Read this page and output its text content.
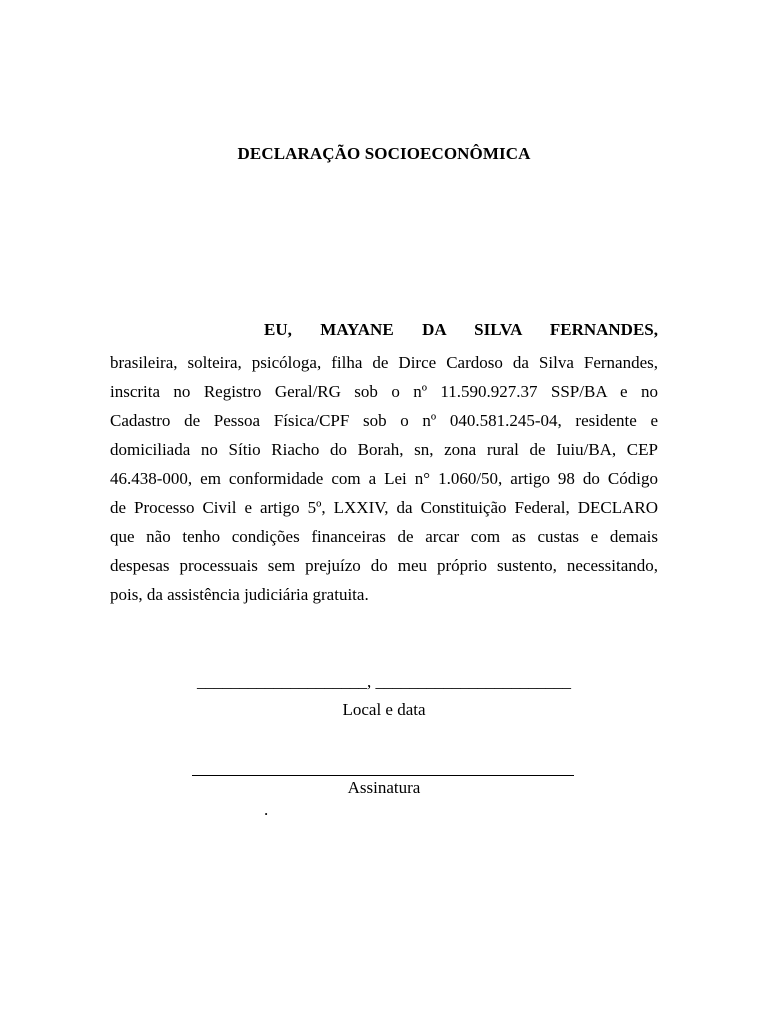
DECLARAÇÃO SOCIOECONÔMICA
EU, MAYANE DA SILVA FERNANDES,
brasileira, solteira, psicóloga, filha de Dirce Cardoso da Silva Fernandes,
inscrita no Registro Geral/RG sob o nº 11.590.927.37 SSP/BA e no
Cadastro de Pessoa Física/CPF sob o nº 040.581.245-04, residente e
domiciliada no Sítio Riacho do Borah, sn, zona rural de Iuiu/BA, CEP
46.438-000, em conformidade com a Lei n° 1.060/50, artigo 98 do Código
de Processo Civil e artigo 5º, LXXIV, da Constituição Federal, DECLARO
que não tenho condições financeiras de arcar com as custas e demais
despesas processuais sem prejuízo do meu próprio sustento, necessitando,
pois, da assistência judiciária gratuita.
____________________, _______________________
Local e data
Assinatura
.
